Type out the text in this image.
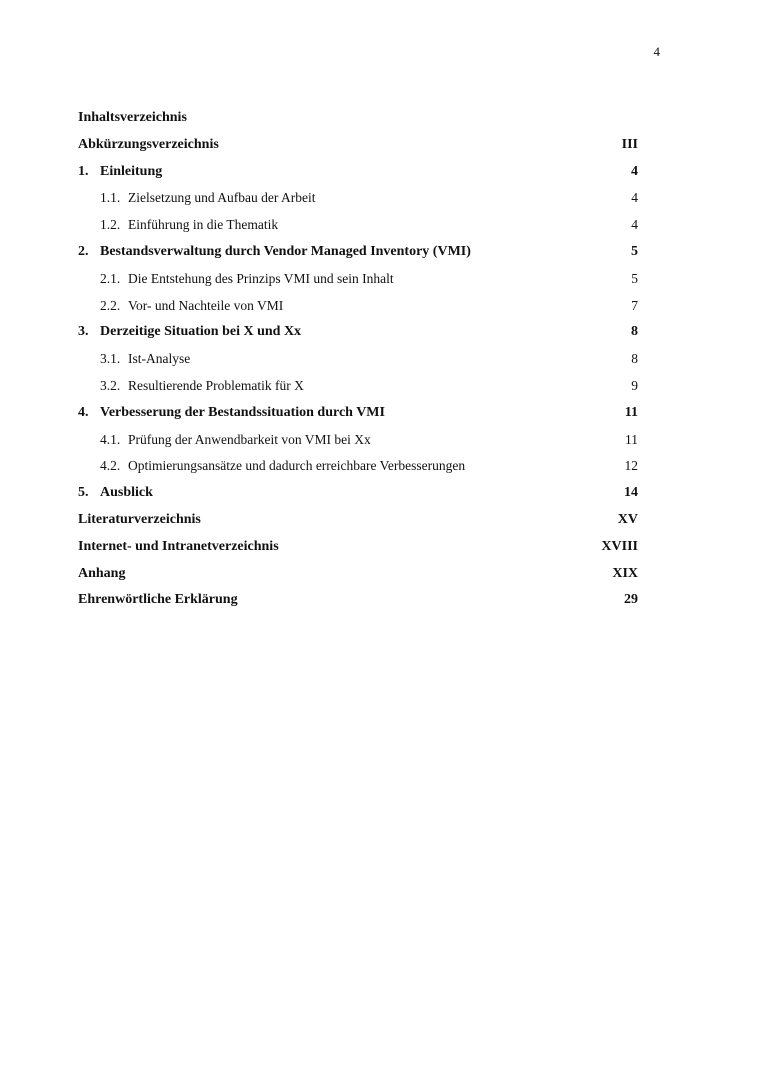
4
Inhaltsverzeichnis
Abkürzungsverzeichnis	III
1. Einleitung	4
1.1. Zielsetzung und Aufbau der Arbeit	4
1.2. Einführung in die Thematik	4
2. Bestandsverwaltung durch Vendor Managed Inventory (VMI)	5
2.1. Die Entstehung des Prinzips VMI und sein Inhalt	5
2.2. Vor- und Nachteile von VMI	7
3. Derzeitige Situation bei X und Xx	8
3.1. Ist-Analyse	8
3.2. Resultierende Problematik für X	9
4. Verbesserung der Bestandssituation durch VMI	11
4.1. Prüfung der Anwendbarkeit von VMI bei Xx	11
4.2. Optimierungsansätze und dadurch erreichbare Verbesserungen	12
5. Ausblick	14
Literaturverzeichnis	XV
Internet- und Intranetverzeichnis	XVIII
Anhang	XIX
Ehrenwörtliche Erklärung	29
